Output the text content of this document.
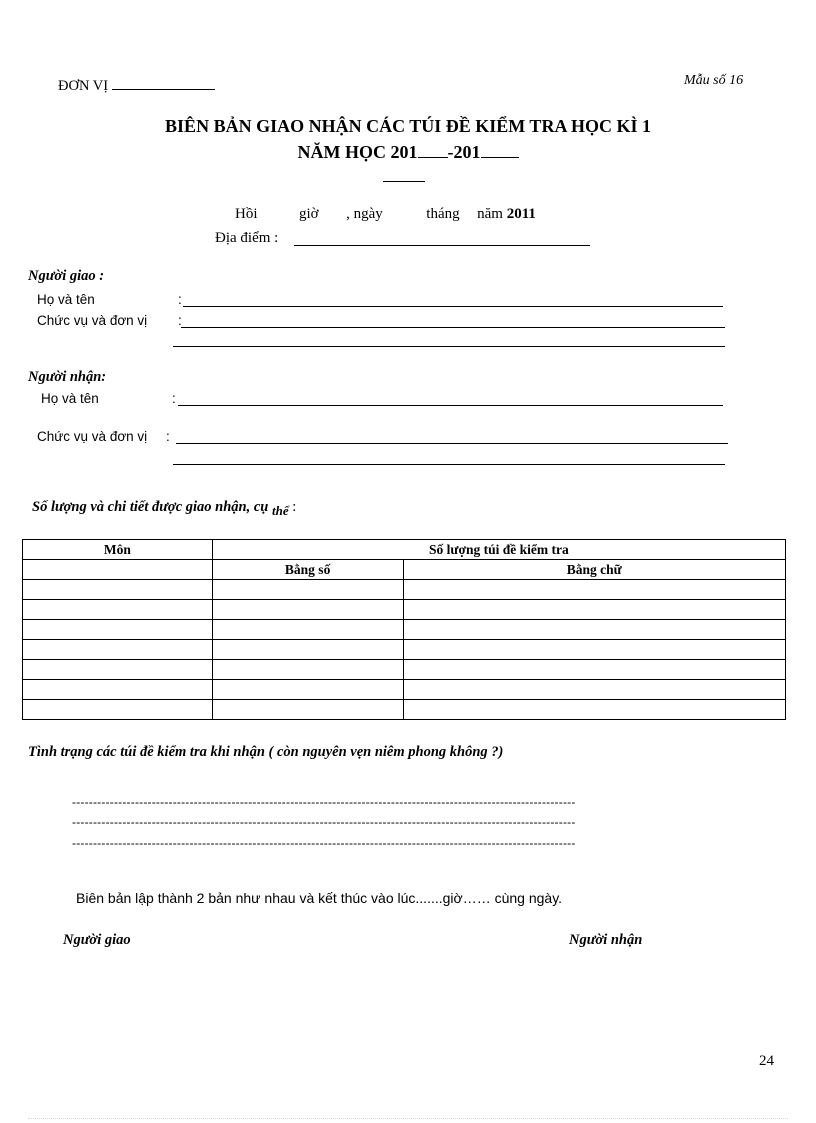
ĐƠN VỊ	Mẫu số 16
BIÊN BẢN GIAO NHẬN CÁC TÚI ĐỀ KIỂM TRA HỌC KÌ 1
NĂM HỌC 201 -201
Hồi	giờ , ngày	tháng năm 2011
Địa điểm :
Người giao :
Họ và tên	:
Chức vụ và đơn vị :
Người nhận:
Họ và tên	:
Chức vụ và đơn vị :
Số lượng và chi tiết được giao nhận, cụ thể :
Môn	Số lượng túi đề kiểm tra	
	Bằng số	Bằng chữ

Tình trạng các túi đề kiểm tra khi nhận ( còn nguyên vẹn niêm phong không ?)
------------------------------------------------------------------------------------------------------------------------
------------------------------------------------------------------------------------------------------------------------
------------------------------------------------------------------------------------------------------------------------
Biên bản lập thành 2 bản như nhau và kết thúc vào lúc.......giờ…… cùng ngày.
Người giao	Người nhận
24
